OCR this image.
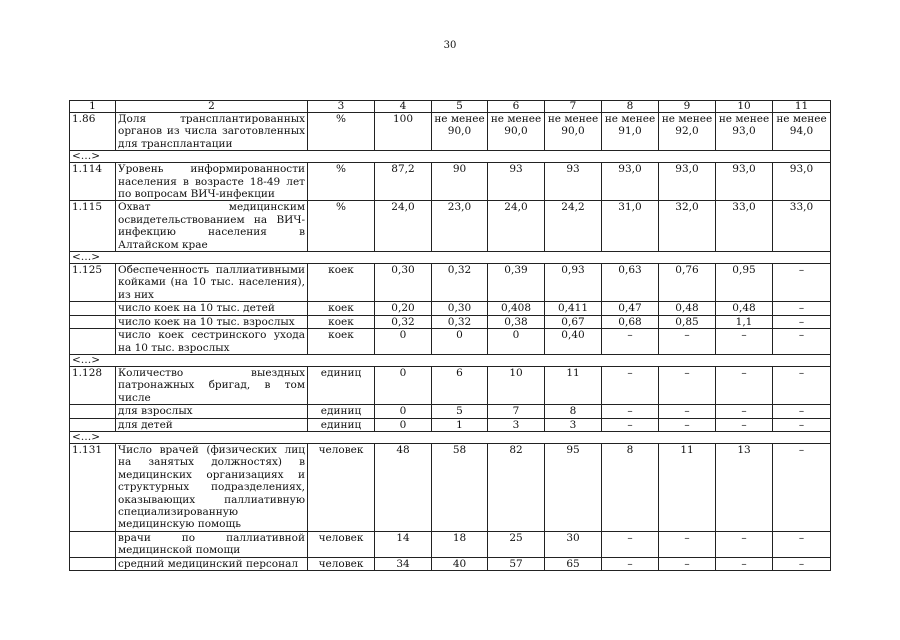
30
1	2	3	4	5	6	7	8	9	10	11
1.86	Доля трансплантированных органов из числа заготовленных для трансплантации	%	100	не менее 90,0	не менее 90,0	не менее 90,0	не менее 91,0	не менее 92,0	не менее 93,0	не менее 94,0
<…>										
1.114	Уровень информированности населения в возрасте 18-49 лет по вопросам ВИЧ-инфекции	%	87,2	90	93	93	93,0	93,0	93,0	93,0
1.115	Охват медицинским освидетельствованием на ВИЧ-инфекцию населения в Алтайском крае	%	24,0	23,0	24,0	24,2	31,0	32,0	33,0	33,0
<…>										
1.125	Обеспеченность паллиативными койками (на 10 тыс. населения), из них	коек	0,30	0,32	0,39	0,93	0,63	0,76	0,95	–
	число коек на 10 тыс. детей	коек	0,20	0,30	0,408	0,411	0,47	0,48	0,48	–
	число коек на 10 тыс. взрослых	коек	0,32	0,32	0,38	0,67	0,68	0,85	1,1	–
	число коек сестринского ухода на 10 тыс. взрослых	коек	0	0	0	0,40	–	–	–	–
<…>										
1.128	Количество выездных патронажных бригад, в том числе	единиц	0	6	10	11	–	–	–	–
	для взрослых	единиц	0	5	7	8	–	–	–	–
	для детей	единиц	0	1	3	3	–	–	–	–
<…>										
1.131	Число врачей (физических лиц на занятых должностях) в медицинских организациях и структурных подразделениях, оказывающих паллиативную специализированную медицинскую помощь	человек	48	58	82	95	8	11	13	–
	врачи по паллиативной медицинской помощи	человек	14	18	25	30	–	–	–	–
	средний медицинский персонал	человек	34	40	57	65	–	–	–	–
